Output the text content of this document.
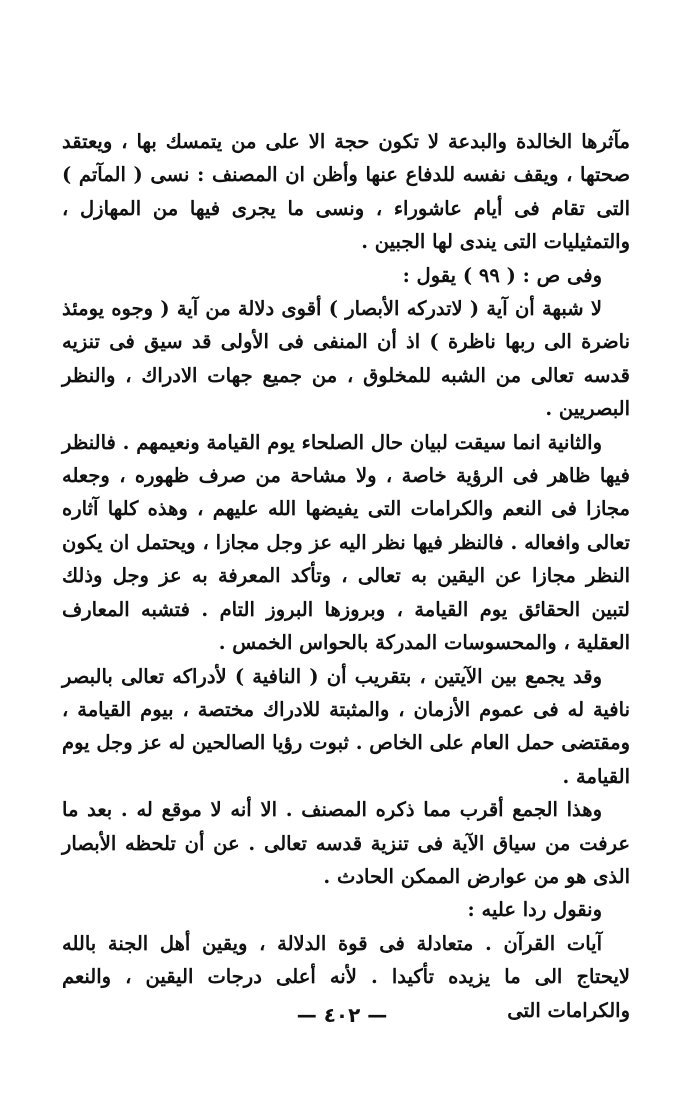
مآثرها الخالدة والبدعة لا تكون حجة الا على من يتمسك بها ، ويعتقد صحتها ، ويقف نفسه للدفاع عنها وأظن ان المصنف : نسى ( المآتم ) التى تقام فى أيام عاشوراء ، ونسى ما يجرى فيها من المهازل ، والتمثيليات التى يندى لها الجبين .

وفى ص : ( ٩٩ ) يقول :

لا شبهة أن آية ( لاتدركه الأبصار ) أقوى دلالة من آية ( وجوه يومئذ ناضرة الى ربها ناظرة ) اذ أن المنفى فى الأولى قد سيق فى تنزيه قدسه تعالى من الشبه للمخلوق ، من جميع جهات الادراك ، والنظر البصريين .

والثانية انما سيقت لبيان حال الصلحاء يوم القيامة ونعيمهم . فالنظر فيها ظاهر فى الرؤية خاصة ، ولا مشاحة من صرف ظهوره ، وجعله مجازا فى النعم والكرامات التى يفيضها الله عليهم ، وهذه كلها آثاره تعالى وافعاله . فالنظر فيها نظر اليه عز وجل مجازا ، ويحتمل ان يكون النظر مجازا عن اليقين به تعالى ، وتأكد المعرفة به عز وجل وذلك لتبين الحقائق يوم القيامة ، وبروزها البروز التام . فتشبه المعارف العقلية ، والمحسوسات المدركة بالحواس الخمس .

وقد يجمع بين الآيتين ، بتقريب أن ( النافية ) لأدراكه تعالى بالبصر نافية له فى عموم الأزمان ، والمثبتة للادراك مختصة ، بيوم القيامة ، ومقتضى حمل العام على الخاص . ثبوت رؤيا الصالحين له عز وجل يوم القيامة .

وهذا الجمع أقرب مما ذكره المصنف . الا أنه لا موقع له . بعد ما عرفت من سياق الآية فى تنزية قدسه تعالى . عن أن تلحظه الأبصار الذى هو من عوارض الممكن الحادث .

ونقول ردا عليه :

آيات القرآن . متعادلة فى قوة الدلالة ، ويقين أهل الجنة بالله لايحتاج الى ما يزيده تأكيدا . لأنه أعلى درجات اليقين ، والنعم والكرامات التى

— ٤٠٢ —
